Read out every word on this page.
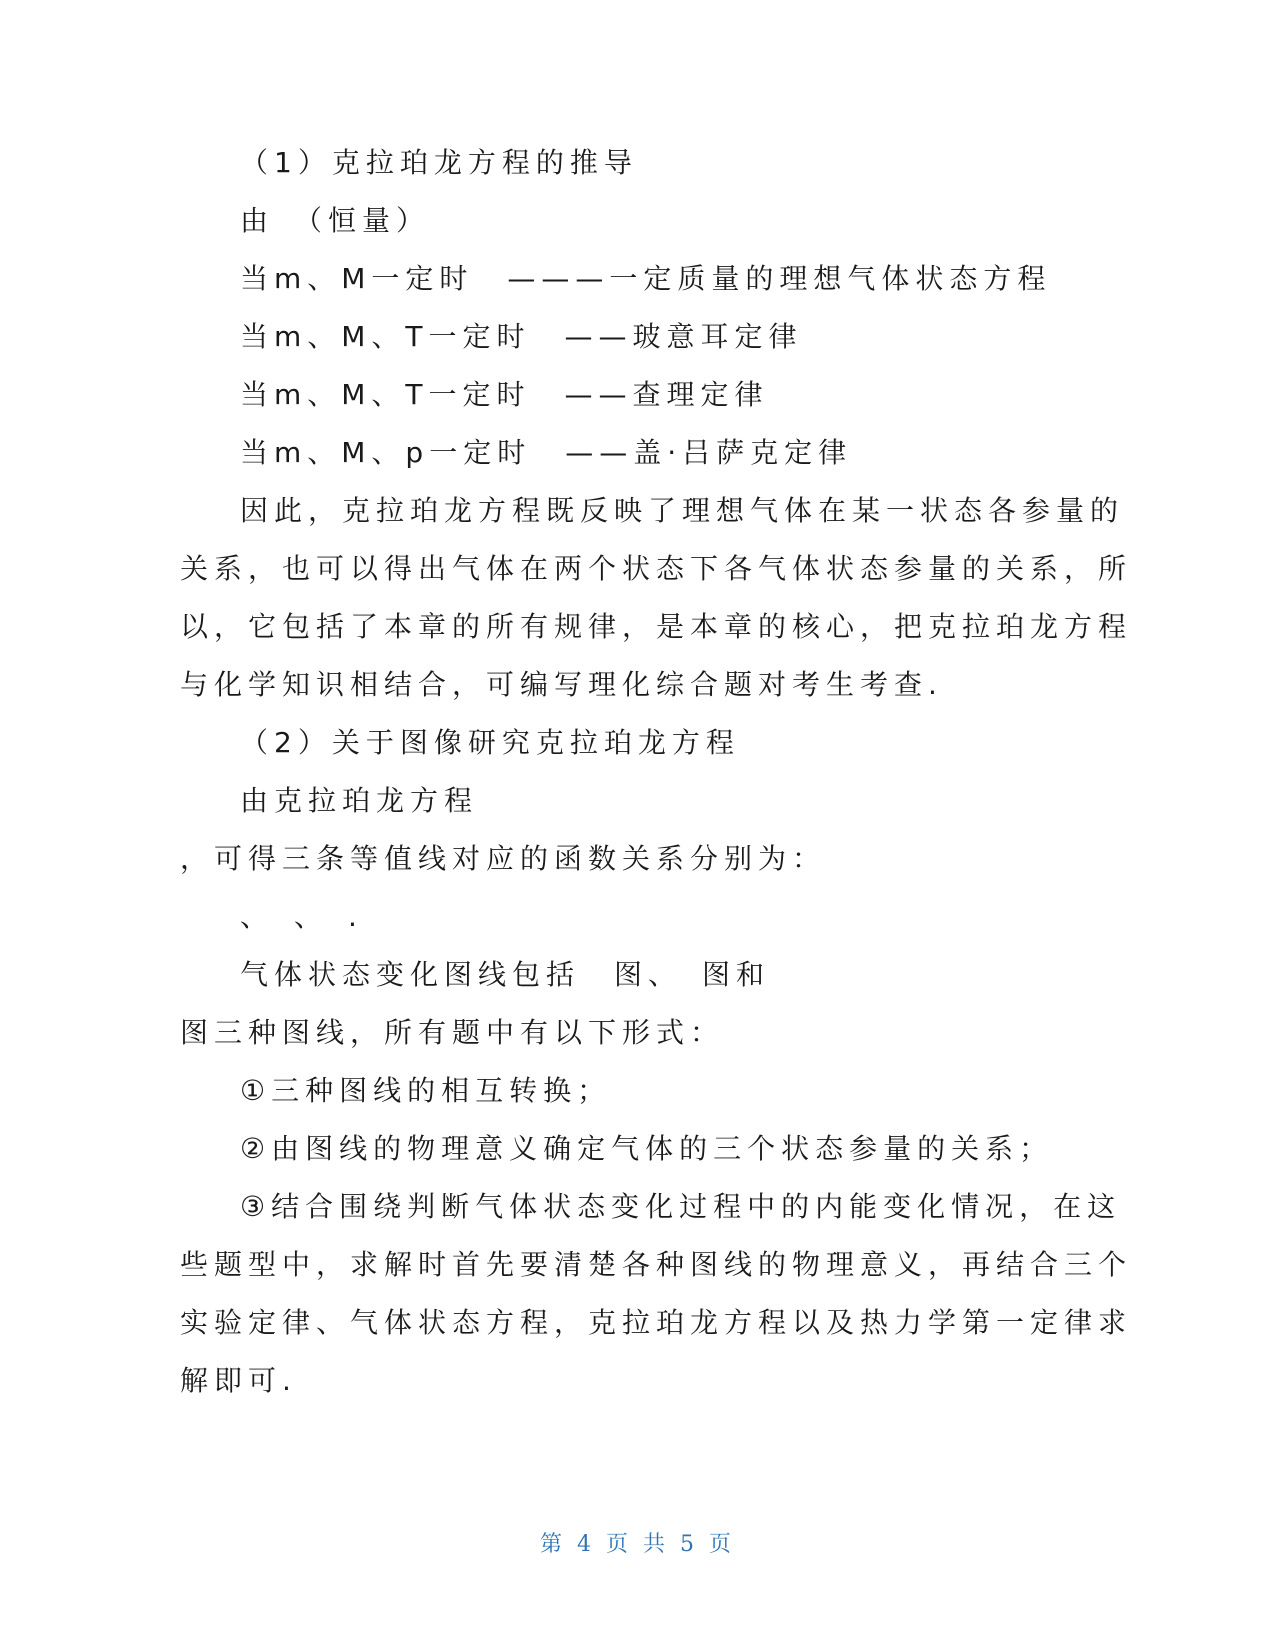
（1）克拉珀龙方程的推导
由　（恒量）
当m、M一定时　———一定质量的理想气体状态方程
当m、M、T一定时　——玻意耳定律
当m、M、T一定时　——查理定律
当m、M、p一定时　——盖·吕萨克定律
因此，克拉珀龙方程既反映了理想气体在某一状态各参量的
关系，也可以得出气体在两个状态下各气体状态参量的关系，所
以，它包括了本章的所有规律，是本章的核心，把克拉珀龙方程
与化学知识相结合，可编写理化综合题对考生考查.
（2）关于图像研究克拉珀龙方程
由克拉珀龙方程
，可得三条等值线对应的函数关系分别为：
、　、　.
气体状态变化图线包括　图、　图和
图三种图线，所有题中有以下形式：
①三种图线的相互转换；
②由图线的物理意义确定气体的三个状态参量的关系；
③结合围绕判断气体状态变化过程中的内能变化情况，在这
些题型中，求解时首先要清楚各种图线的物理意义，再结合三个
实验定律、气体状态方程，克拉珀龙方程以及热力学第一定律求
解即可.
第 4 页 共 5 页
